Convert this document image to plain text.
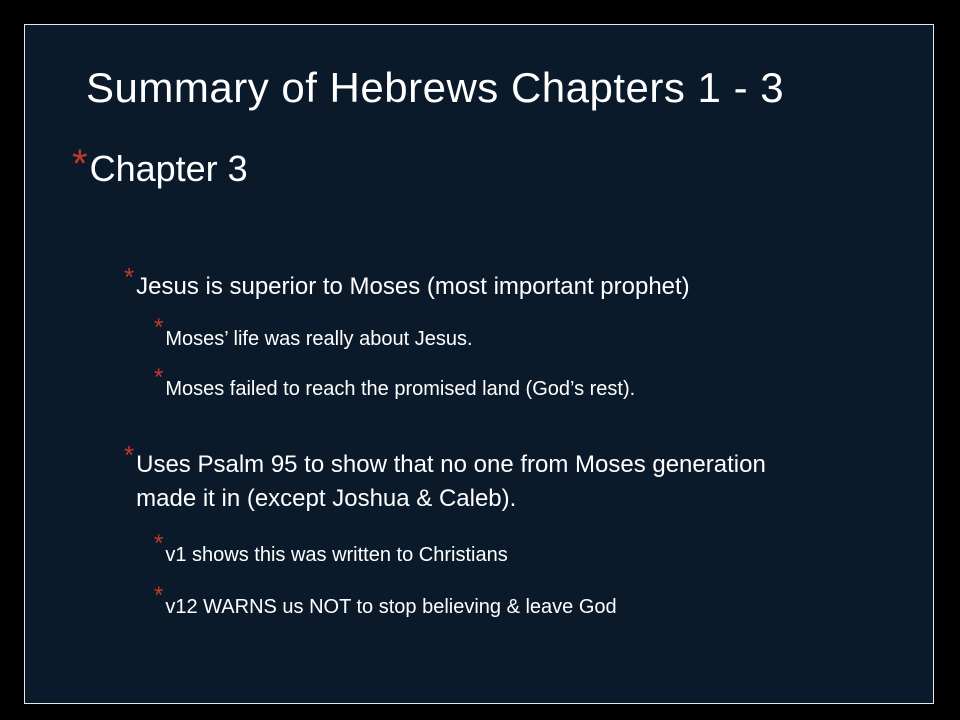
Summary of Hebrews Chapters 1 - 3
* Chapter 3
* Jesus is superior to Moses (most important prophet)
* Moses’ life was really about Jesus.
* Moses failed to reach the promised land (God’s rest).
* Uses Psalm 95 to show that no one from Moses generation made it in (except Joshua & Caleb).
* v1 shows this was written to Christians
* v12 WARNS us NOT to stop believing & leave God
